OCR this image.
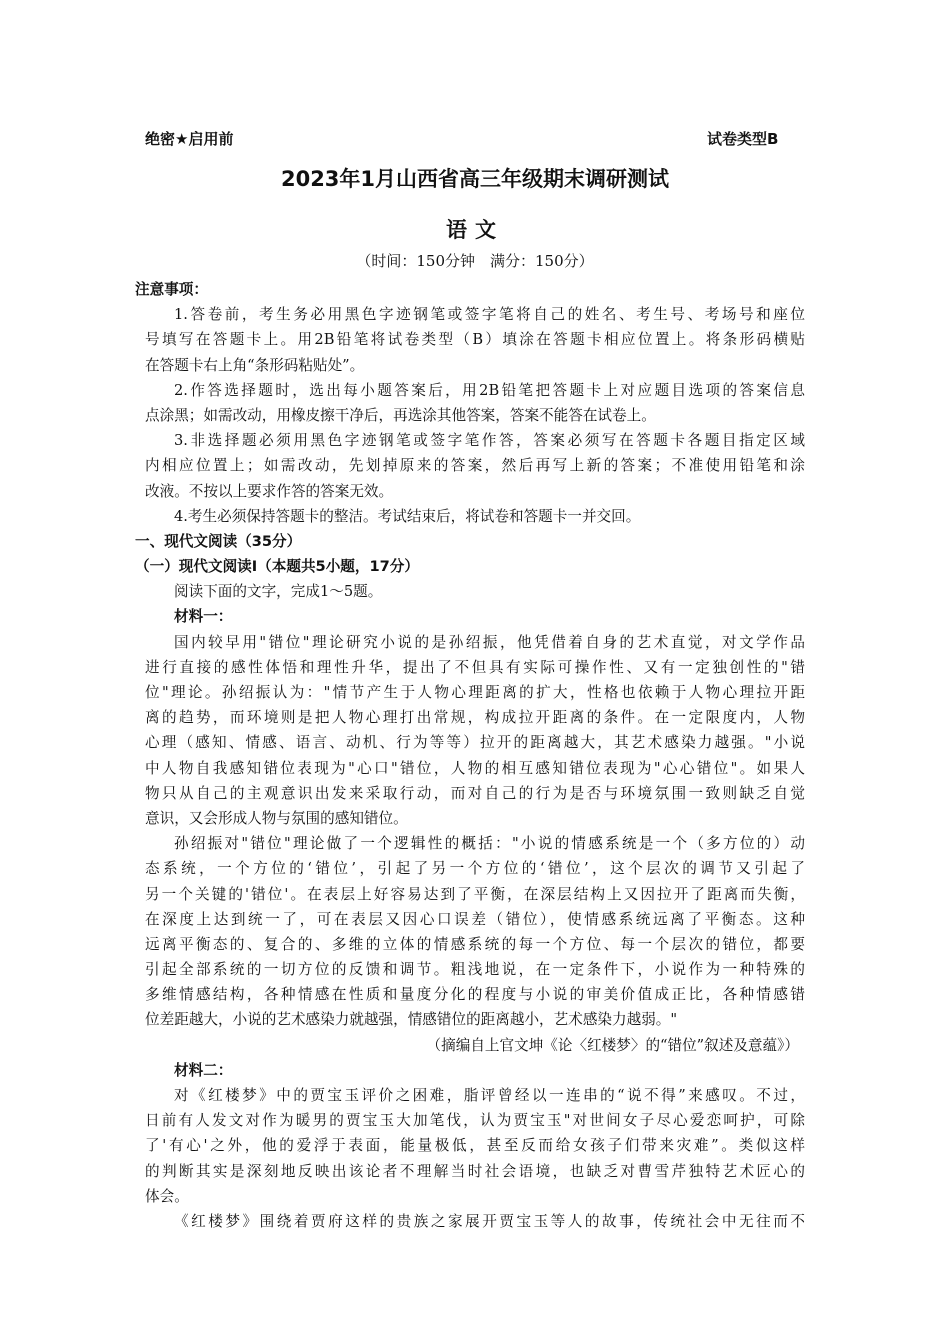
绝密★启用前	试卷类型B
2023年1月山西省高三年级期末调研测试
语文
（时间：150分钟　满分：150分）
注意事项：
1.答卷前，考生务必用黑色字迹钢笔或签字笔将自己的姓名、考生号、考场号和座位
号填写在答题卡上。用2B铅笔将试卷类型（B）填涂在答题卡相应位置上。将条形码横贴
在答题卡右上角“条形码粘贴处”。
2.作答选择题时，选出每小题答案后，用2B铅笔把答题卡上对应题目选项的答案信息
点涂黑；如需改动，用橡皮擦干净后，再选涂其他答案，答案不能答在试卷上。
3.非选择题必须用黑色字迹钢笔或签字笔作答，答案必须写在答题卡各题目指定区域
内相应位置上；如需改动，先划掉原来的答案，然后再写上新的答案；不准使用铅笔和涂
改液。不按以上要求作答的答案无效。
4.考生必须保持答题卡的整洁。考试结束后，将试卷和答题卡一并交回。
一、现代文阅读（35分）
（一）现代文阅读Ⅰ（本题共5小题，17分）
阅读下面的文字，完成1～5题。
材料一：
国内较早用"错位"理论研究小说的是孙绍振，他凭借着自身的艺术直觉，对文学作品
进行直接的感性体悟和理性升华，提出了不但具有实际可操作性、又有一定独创性的"错
位"理论。孙绍振认为："情节产生于人物心理距离的扩大，性格也依赖于人物心理拉开距
离的趋势，而环境则是把人物心理打出常规，构成拉开距离的条件。在一定限度内，人物
心理（感知、情感、语言、动机、行为等等）拉开的距离越大，其艺术感染力越强。"小说
中人物自我感知错位表现为"心口"错位，人物的相互感知错位表现为"心心错位"。如果人
物只从自己的主观意识出发来采取行动，而对自己的行为是否与环境氛围一致则缺乏自觉
意识，又会形成人物与氛围的感知错位。
孙绍振对"错位"理论做了一个逻辑性的概括："小说的情感系统是一个（多方位的）动
态系统，一个方位的‘错位’，引起了另一个方位的‘错位’，这个层次的调节又引起了
另一个关键的'错位'。在表层上好容易达到了平衡，在深层结构上又因拉开了距离而失衡，
在深度上达到统一了，可在表层又因心口误差（错位），使情感系统远离了平衡态。这种
远离平衡态的、复合的、多维的立体的情感系统的每一个方位、每一个层次的错位，都要
引起全部系统的一切方位的反馈和调节。粗浅地说，在一定条件下，小说作为一种特殊的
多维情感结构，各种情感在性质和量度分化的程度与小说的审美价值成正比，各种情感错
位差距越大，小说的艺术感染力就越强，情感错位的距离越小，艺术感染力越弱。"
（摘编自上官文坤《论〈红楼梦〉的“错位”叙述及意蕴》）
材料二：
对《红楼梦》中的贾宝玉评价之困难，脂评曾经以一连串的“说不得”来感叹。不过，
日前有人发文对作为暖男的贾宝玉大加笔伐，认为贾宝玉"对世间女子尽心爱恋呵护，可除
了'有心'之外，他的爱浮于表面，能量极低，甚至反而给女孩子们带来灾难”。类似这样
的判断其实是深刻地反映出该论者不理解当时社会语境，也缺乏对曹雪芹独特艺术匠心的
体会。
《红楼梦》围绕着贾府这样的贵族之家展开贾宝玉等人的故事，传统社会中无往而不
